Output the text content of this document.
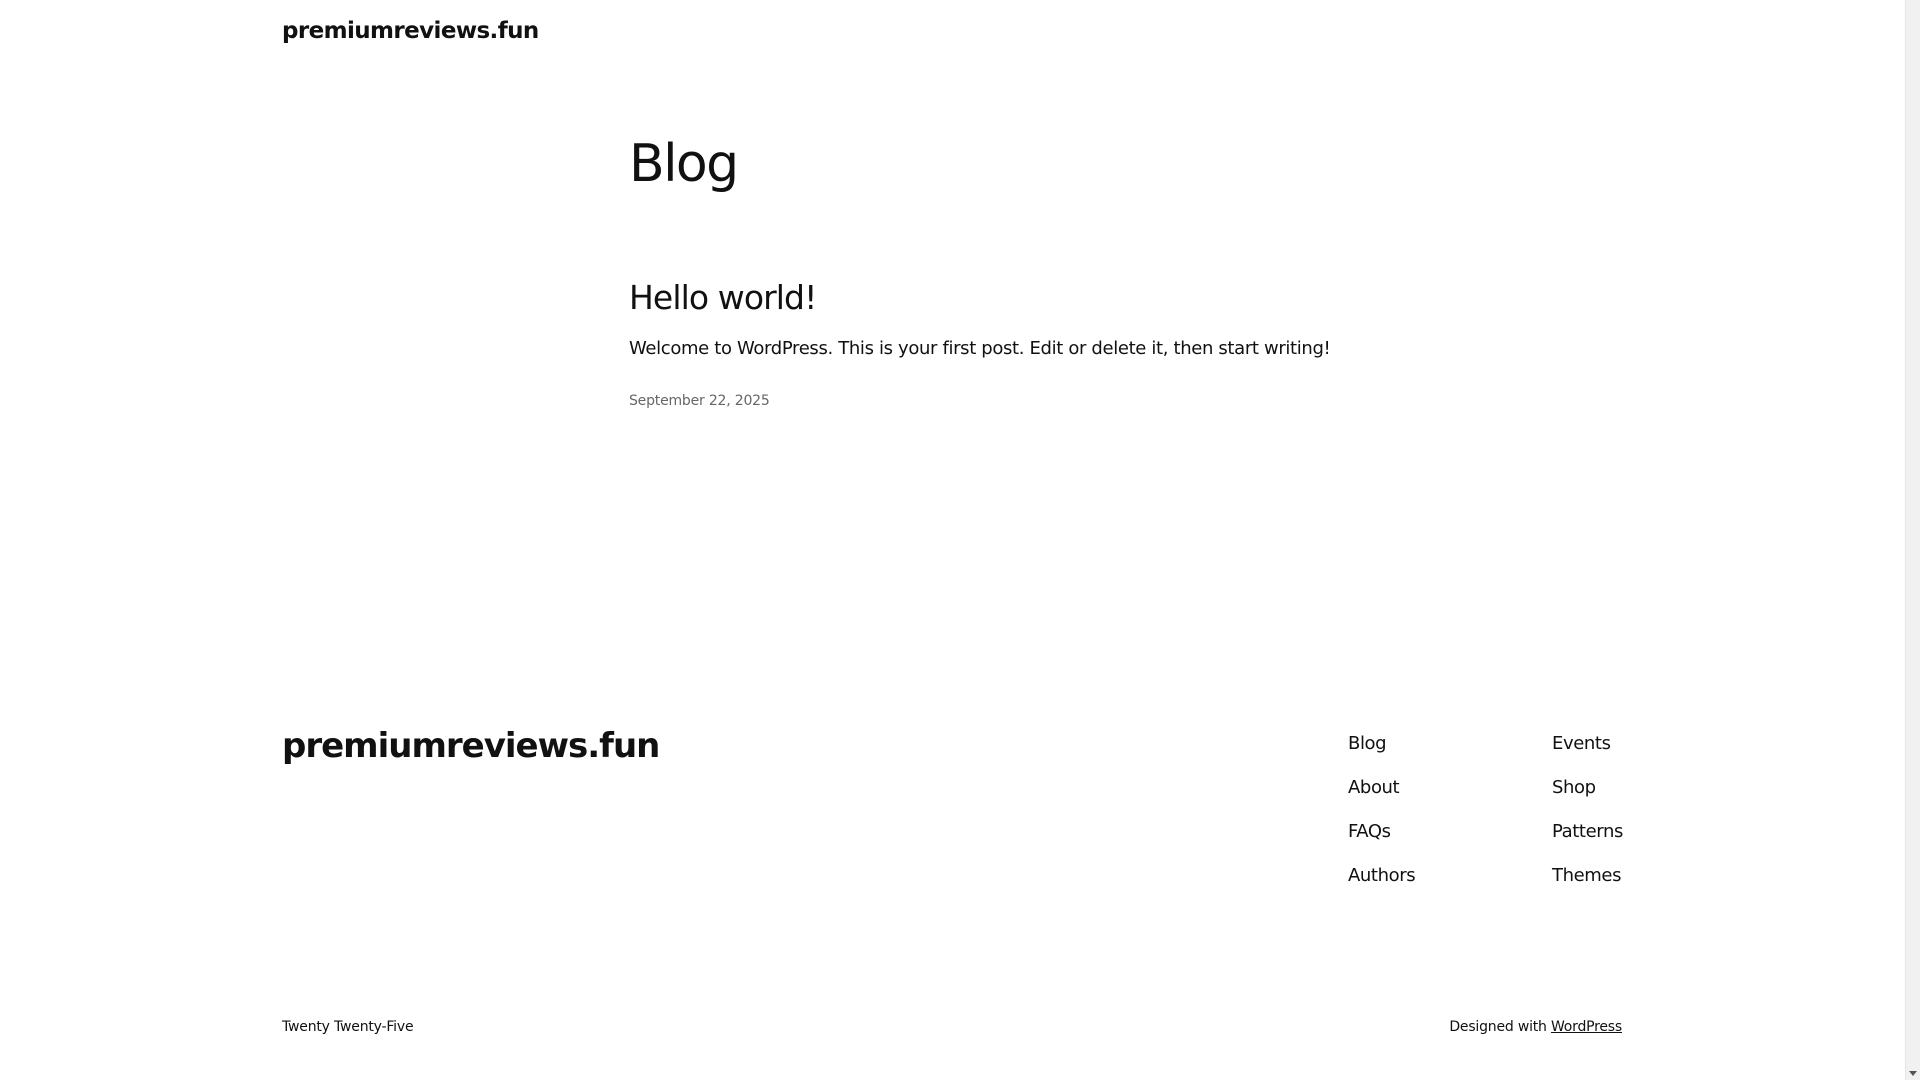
premiumreviews.fun
Blog
Hello world!

Welcome to WordPress. This is your first post. Edit or delete it, then start writing!

September 22, 2025
premiumreviews.fun	Blog
About
FAQs
Authors
Events
Shop
Patterns
Themes
Twenty Twenty-Five	Designed with WordPress
